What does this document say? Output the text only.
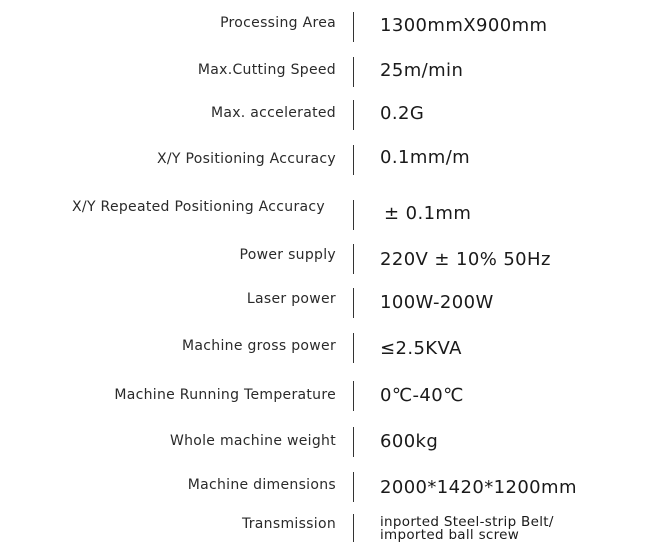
Processing Area 1300mmX900mm
Max.Cutting Speed 25m/min
Max. accelerated 0.2G
X/Y Positioning Accuracy 0.1mm/m
X/Y Repeated Positioning Accuracy	± 0.1mm
Power supply 220V ± 10% 50Hz
Laser power 100W-200W
Machine gross power ≤2.5KVA
Machine Running Temperature 0℃-40℃
Whole machine weight 600kg
Machine dimensions 2000*1420*1200mm
Transmission	inported Steel-strip Belt/
imported ball screw
